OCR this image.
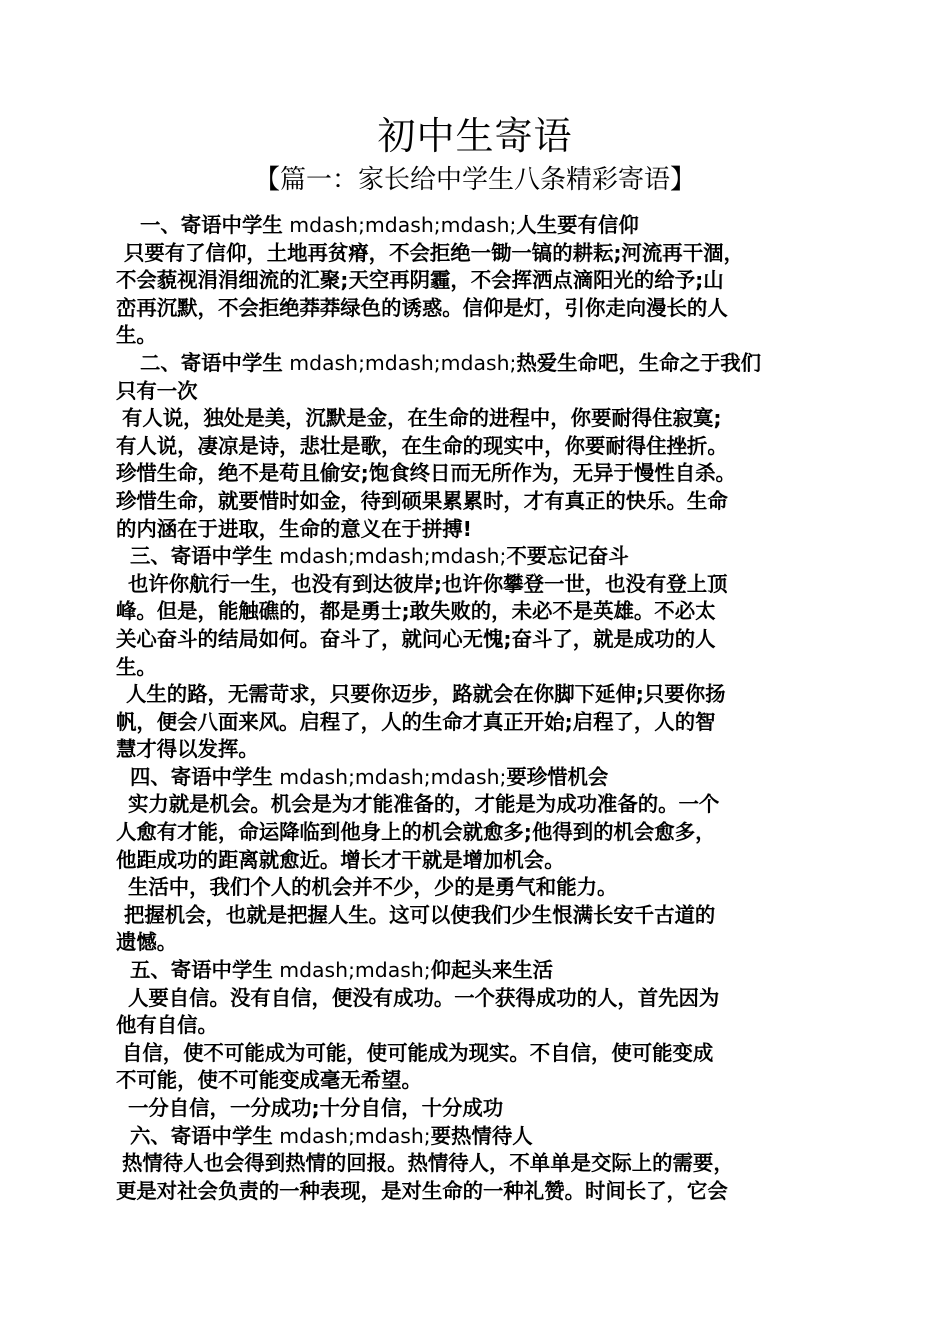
初中生寄语
【篇一：家长给中学生八条精彩寄语】
一、寄语中学生 mdash;mdash;mdash;人生要有信仰
只要有了信仰，土地再贫瘠，不会拒绝一锄一镐的耕耘;河流再干涸，
不会藐视涓涓细流的汇聚;天空再阴霾，不会挥洒点滴阳光的给予;山
峦再沉默，不会拒绝莽莽绿色的诱惑。信仰是灯，引你走向漫长的人
生。
二、寄语中学生 mdash;mdash;mdash;热爱生命吧，生命之于我们
只有一次
有人说，独处是美，沉默是金，在生命的进程中，你要耐得住寂寞;
有人说，凄凉是诗，悲壮是歌，在生命的现实中，你要耐得住挫折。
珍惜生命，绝不是苟且偷安;饱食终日而无所作为，无异于慢性自杀。
珍惜生命，就要惜时如金，待到硕果累累时，才有真正的快乐。生命
的内涵在于进取，生命的意义在于拼搏!
三、寄语中学生 mdash;mdash;mdash;不要忘记奋斗
也许你航行一生，也没有到达彼岸;也许你攀登一世，也没有登上顶
峰。但是，能触礁的，都是勇士;敢失败的，未必不是英雄。不必太
关心奋斗的结局如何。奋斗了，就问心无愧;奋斗了，就是成功的人
生。
人生的路，无需苛求，只要你迈步，路就会在你脚下延伸;只要你扬
帆，便会八面来风。启程了，人的生命才真正开始;启程了，人的智
慧才得以发挥。
四、寄语中学生 mdash;mdash;mdash;要珍惜机会
实力就是机会。机会是为才能准备的，才能是为成功准备的。一个
人愈有才能，命运降临到他身上的机会就愈多;他得到的机会愈多，
他距成功的距离就愈近。增长才干就是增加机会。
生活中，我们个人的机会并不少，少的是勇气和能力。
把握机会，也就是把握人生。这可以使我们少生恨满长安千古道的
遗憾。
五、寄语中学生 mdash;mdash;仰起头来生活
人要自信。没有自信，便没有成功。一个获得成功的人，首先因为
他有自信。
自信，使不可能成为可能，使可能成为现实。不自信，使可能变成
不可能，使不可能变成毫无希望。
一分自信，一分成功;十分自信，十分成功
六、寄语中学生 mdash;mdash;要热情待人
热情待人也会得到热情的回报。热情待人，不单单是交际上的需要，
更是对社会负责的一种表现，是对生命的一种礼赞。时间长了，它会
